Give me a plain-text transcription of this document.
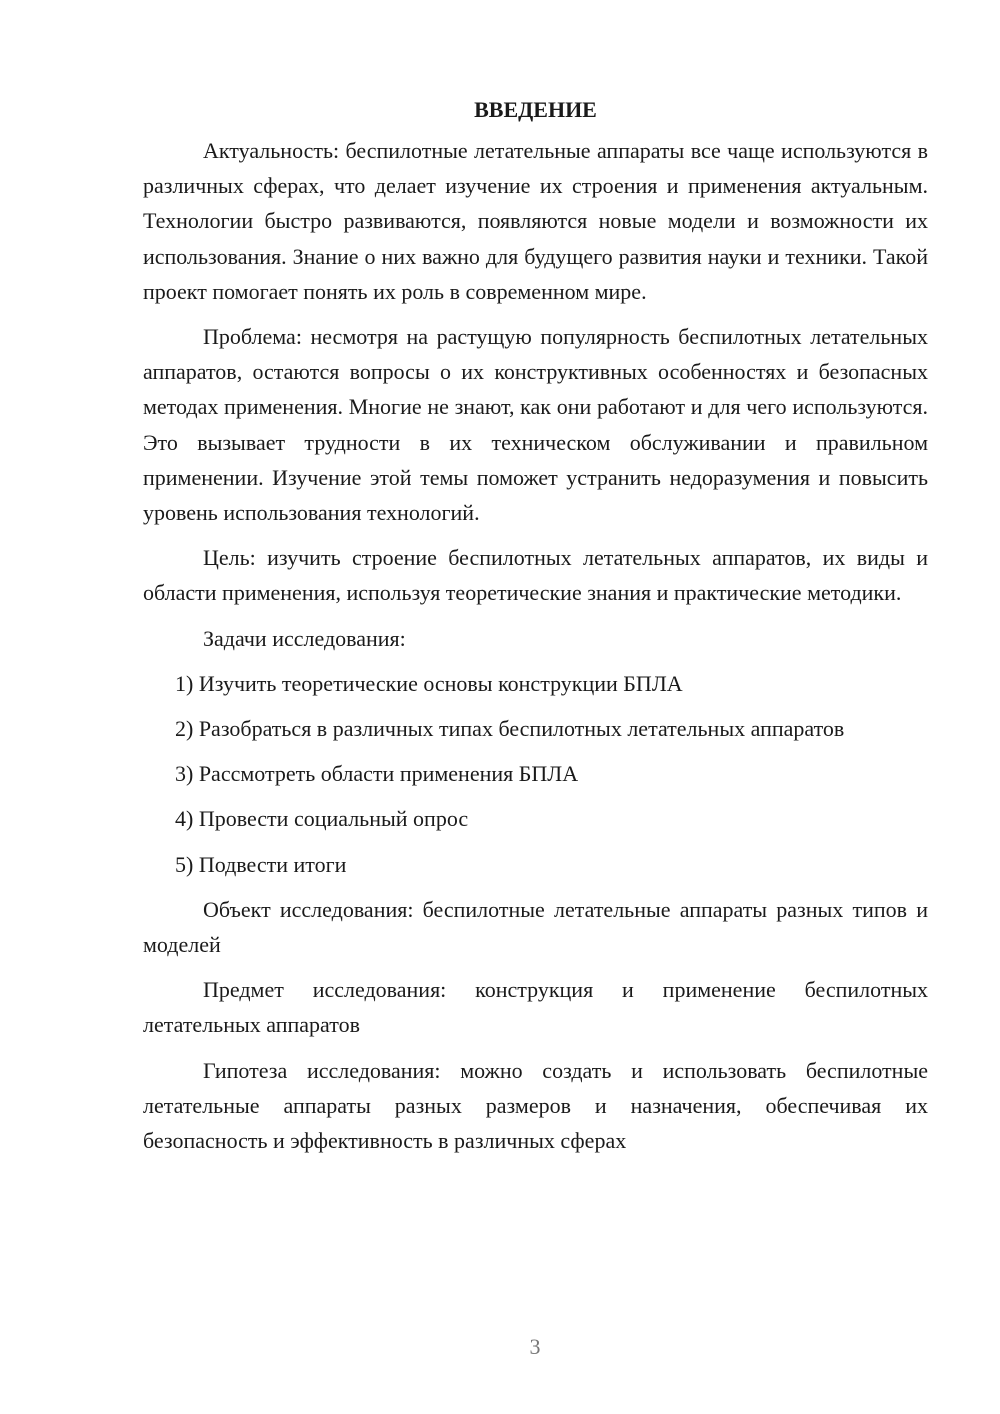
ВВЕДЕНИЕ

Актуальность: беспилотные летательные аппараты все чаще используются в различных сферах, что делает изучение их строения и применения актуальным. Технологии быстро развиваются, появляются новые модели и возможности их использования. Знание о них важно для будущего развития науки и техники. Такой проект помогает понять их роль в современном мире.

Проблема: несмотря на растущую популярность беспилотных летательных аппаратов, остаются вопросы о их конструктивных особенностях и безопасных методах применения. Многие не знают, как они работают и для чего используются. Это вызывает трудности в их техническом обслуживании и правильном применении. Изучение этой темы поможет устранить недоразумения и повысить уровень использования технологий.

Цель: изучить строение беспилотных летательных аппаратов, их виды и области применения, используя теоретические знания и практические методики.

Задачи исследования:

1) Изучить теоретические основы конструкции БПЛА

2) Разобраться в различных типах беспилотных летательных аппаратов

3) Рассмотреть области применения БПЛА

4) Провести социальный опрос

5) Подвести итоги

Объект исследования: беспилотные летательные аппараты разных типов и моделей

Предмет исследования: конструкция и применение беспилотных летательных аппаратов

Гипотеза исследования: можно создать и использовать беспилотные летательные аппараты разных размеров и назначения, обеспечивая их безопасность и эффективность в различных сферах

3
